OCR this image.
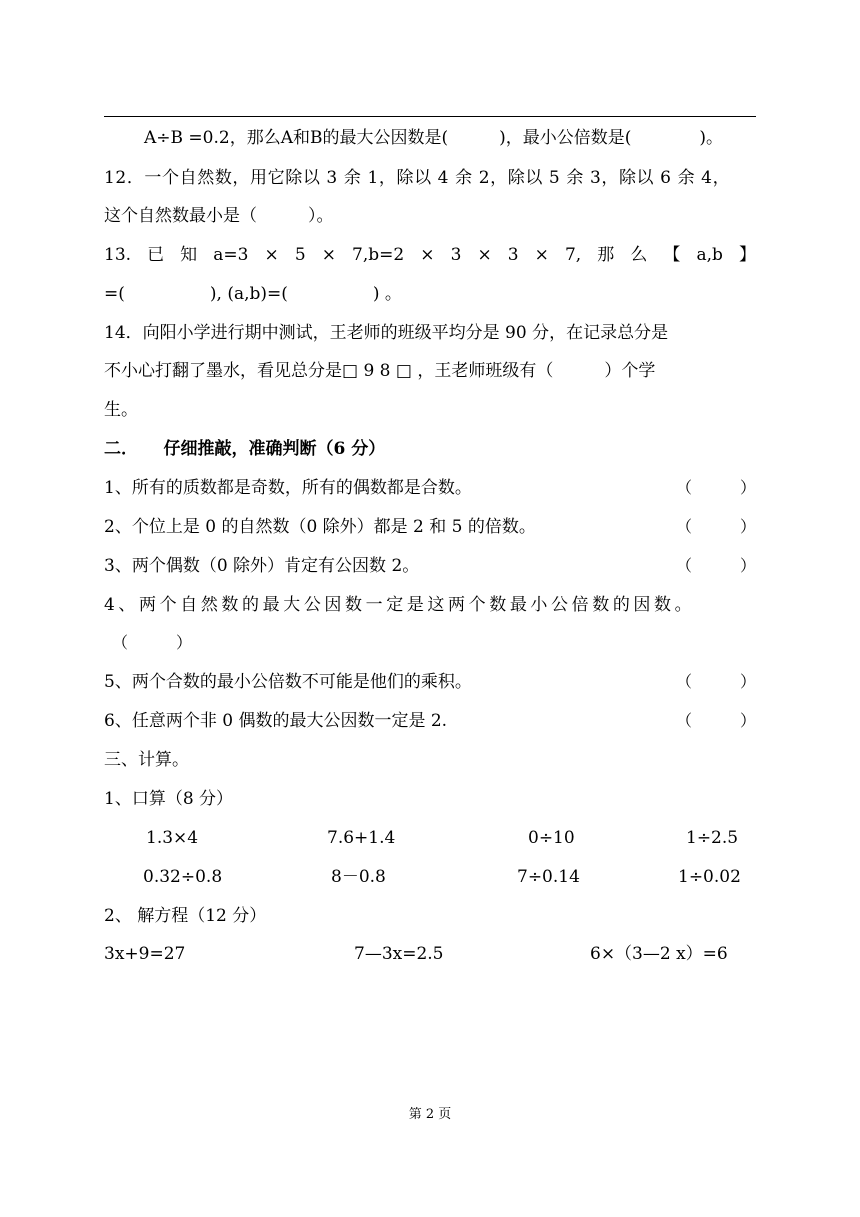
A÷B =0.2，那么A和B的最大公因数是(　　　)，最小公倍数是(　　　　)。
12．一个自然数，用它除以 3 余 1，除以 4 余 2，除以 5 余 3，除以 6 余 4，
这个自然数最小是（　　　）。
13. 已 知 a=3 × 5 × 7,b=2 × 3 × 3 × 7, 那 么 【 a,b 】
=(　　　　　), (a,b)=(　　　　　) 。
14．向阳小学进行期中测试，王老师的班级平均分是 90 分，在记录总分是
不小心打翻了墨水，看见总分是□ 9 8 □ ，王老师班级有（　　　）个学
生。
二．　　仔细推敲，准确判断（6 分）
1、所有的质数都是奇数，所有的偶数都是合数。	（	）
2、个位上是 0 的自然数（0 除外）都是 2 和 5 的倍数。	（	）
3、两个偶数（0 除外）肯定有公因数 2。	（	）
4、两个自然数的最大公因数一定是这两个数最小公倍数的因数。
（	）
5、两个合数的最小公倍数不可能是他们的乘积。	（	）
6、任意两个非 0 偶数的最大公因数一定是 2.	（	）
三、计算。
1、口算（8 分）
1.3×4	7.6+1.4	0÷10	1÷2.5
0.32÷0.8	8－0.8	7÷0.14	1÷0.02
2、 解方程（12 分）
3x+9=27	7—3x=2.5	6×（3—2 x）=6
第 2 页
